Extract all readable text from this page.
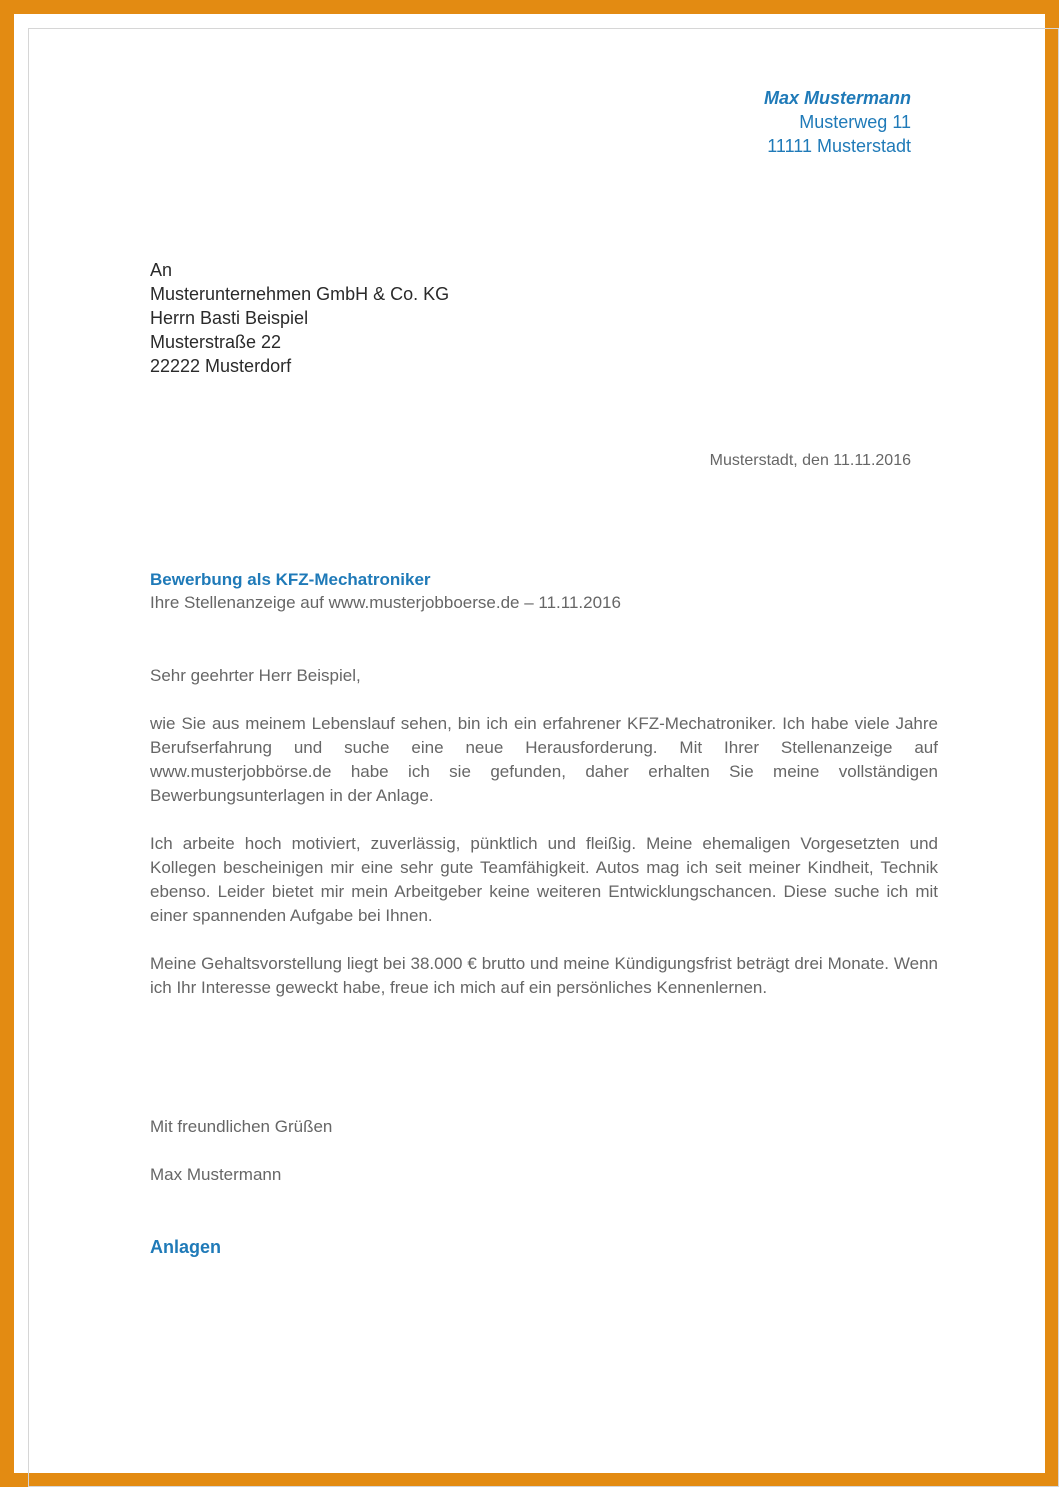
Max Mustermann
Musterweg 11
11111 Musterstadt
An
Musterunternehmen GmbH & Co. KG
Herrn Basti Beispiel
Musterstraße 22
22222 Musterdorf
Musterstadt, den 11.11.2016
Bewerbung als KFZ-Mechatroniker
Ihre Stellenanzeige auf www.musterjobboerse.de – 11.11.2016

Sehr geehrter Herr Beispiel,

wie Sie aus meinem Lebenslauf sehen, bin ich ein erfahrener KFZ-Mechatroniker. Ich habe viele Jahre Berufserfahrung und suche eine neue Herausforderung. Mit Ihrer Stellenanzeige auf www.musterjobbörse.de habe ich sie gefunden, daher erhalten Sie meine vollständigen Bewerbungsunterlagen in der Anlage.

Ich arbeite hoch motiviert, zuverlässig, pünktlich und fleißig. Meine ehemaligen Vorgesetzten und Kollegen bescheinigen mir eine sehr gute Teamfähigkeit. Autos mag ich seit meiner Kindheit, Technik ebenso. Leider bietet mir mein Arbeitgeber keine weiteren Entwicklungschancen. Diese suche ich mit einer spannenden Aufgabe bei Ihnen.

Meine Gehaltsvorstellung liegt bei 38.000 € brutto und meine Kündigungsfrist beträgt drei Monate. Wenn ich Ihr Interesse geweckt habe, freue ich mich auf ein persönliches Kennenlernen.

Mit freundlichen Grüßen
Max Mustermann
Anlagen
